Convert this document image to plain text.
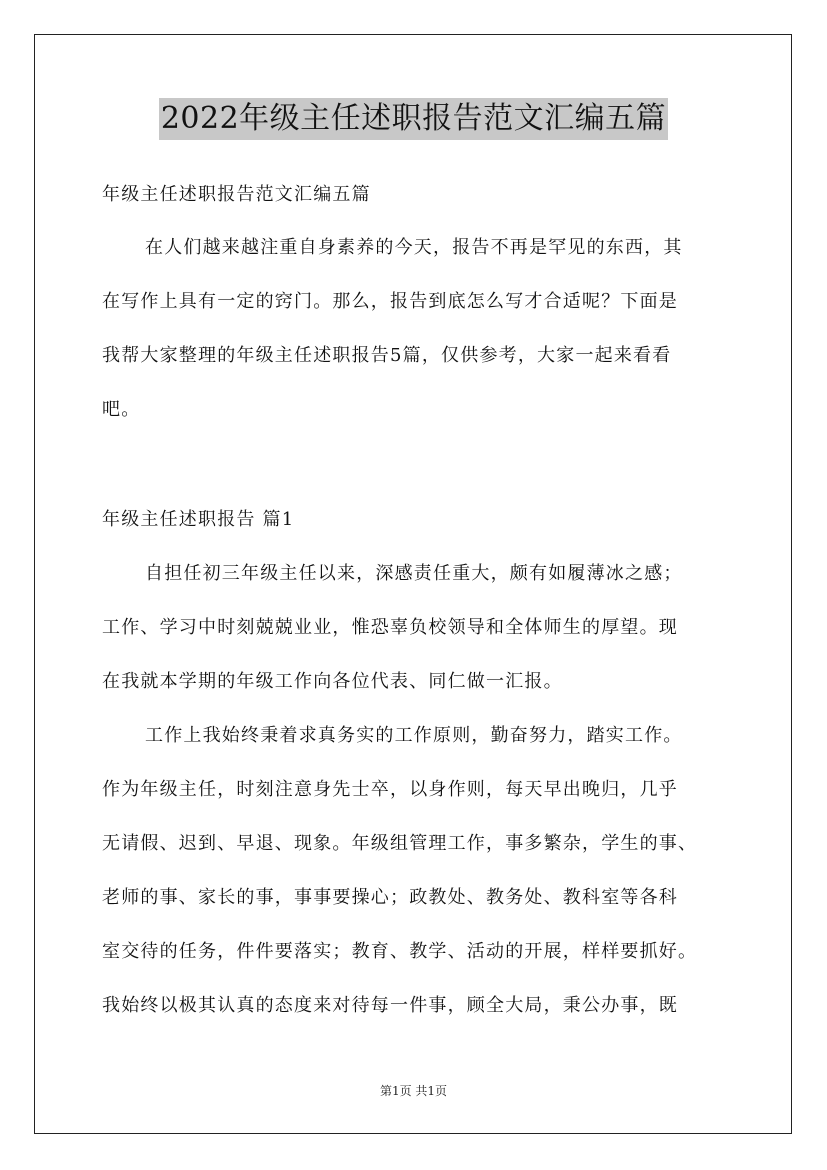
2022年级主任述职报告范文汇编五篇
年级主任述职报告范文汇编五篇
在人们越来越注重自身素养的今天，报告不再是罕见的东西，其
在写作上具有一定的窍门。那么，报告到底怎么写才合适呢？下面是
我帮大家整理的年级主任述职报告5篇，仅供参考，大家一起来看看
吧。
年级主任述职报告 篇1
自担任初三年级主任以来，深感责任重大，颇有如履薄冰之感；
工作、学习中时刻兢兢业业，惟恐辜负校领导和全体师生的厚望。现
在我就本学期的年级工作向各位代表、同仁做一汇报。
工作上我始终秉着求真务实的工作原则，勤奋努力，踏实工作。
作为年级主任，时刻注意身先士卒，以身作则，每天早出晚归，几乎
无请假、迟到、早退、现象。年级组管理工作，事多繁杂，学生的事、
老师的事、家长的事，事事要操心；政教处、教务处、教科室等各科
室交待的任务，件件要落实；教育、教学、活动的开展，样样要抓好。
我始终以极其认真的态度来对待每一件事，顾全大局，秉公办事，既
第1页 共1页
